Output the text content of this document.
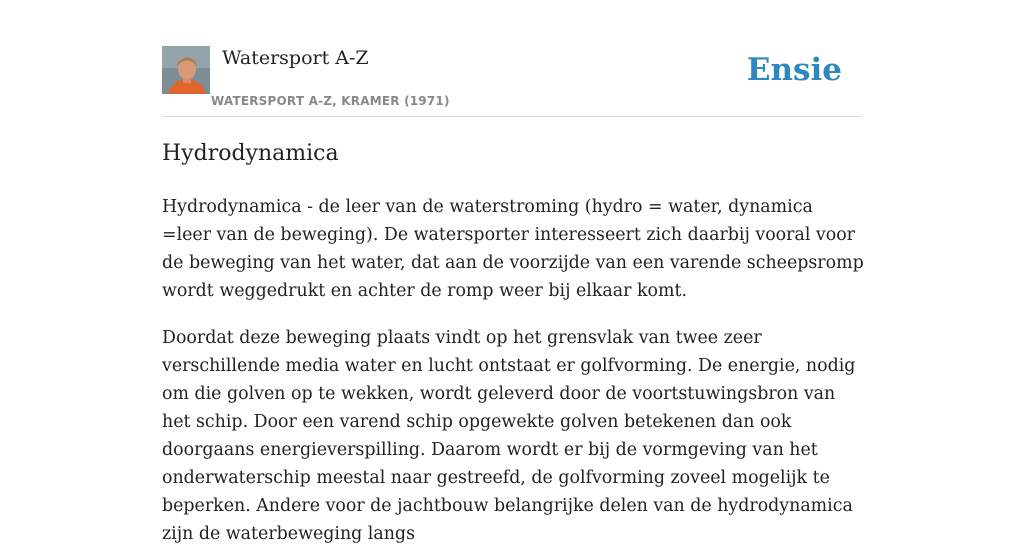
Watersport A-Z
WATERSPORT A-Z, KRAMER (1971)
Ensie
Hydrodynamica

Hydrodynamica - de leer van de waterstroming (hydro = water, dynamica =leer van de beweging). De watersporter interesseert zich daarbij vooral voor de beweging van het water, dat aan de voorzijde van een varende scheepsromp wordt weggedrukt en achter de romp weer bij elkaar komt.

Doordat deze beweging plaats vindt op het grensvlak van twee zeer verschillende media water en lucht ontstaat er golfvorming. De energie, nodig om die golven op te wekken, wordt geleverd door de voortstuwingsbron van het schip. Door een varend schip opgewekte golven betekenen dan ook doorgaans energieverspilling. Daarom wordt er bij de vormgeving van het onderwaterschip meestal naar gestreefd, de golfvorming zoveel mogelijk te beperken. Andere voor de jachtbouw belangrijke delen van de hydrodynamica zijn de waterbeweging langs
